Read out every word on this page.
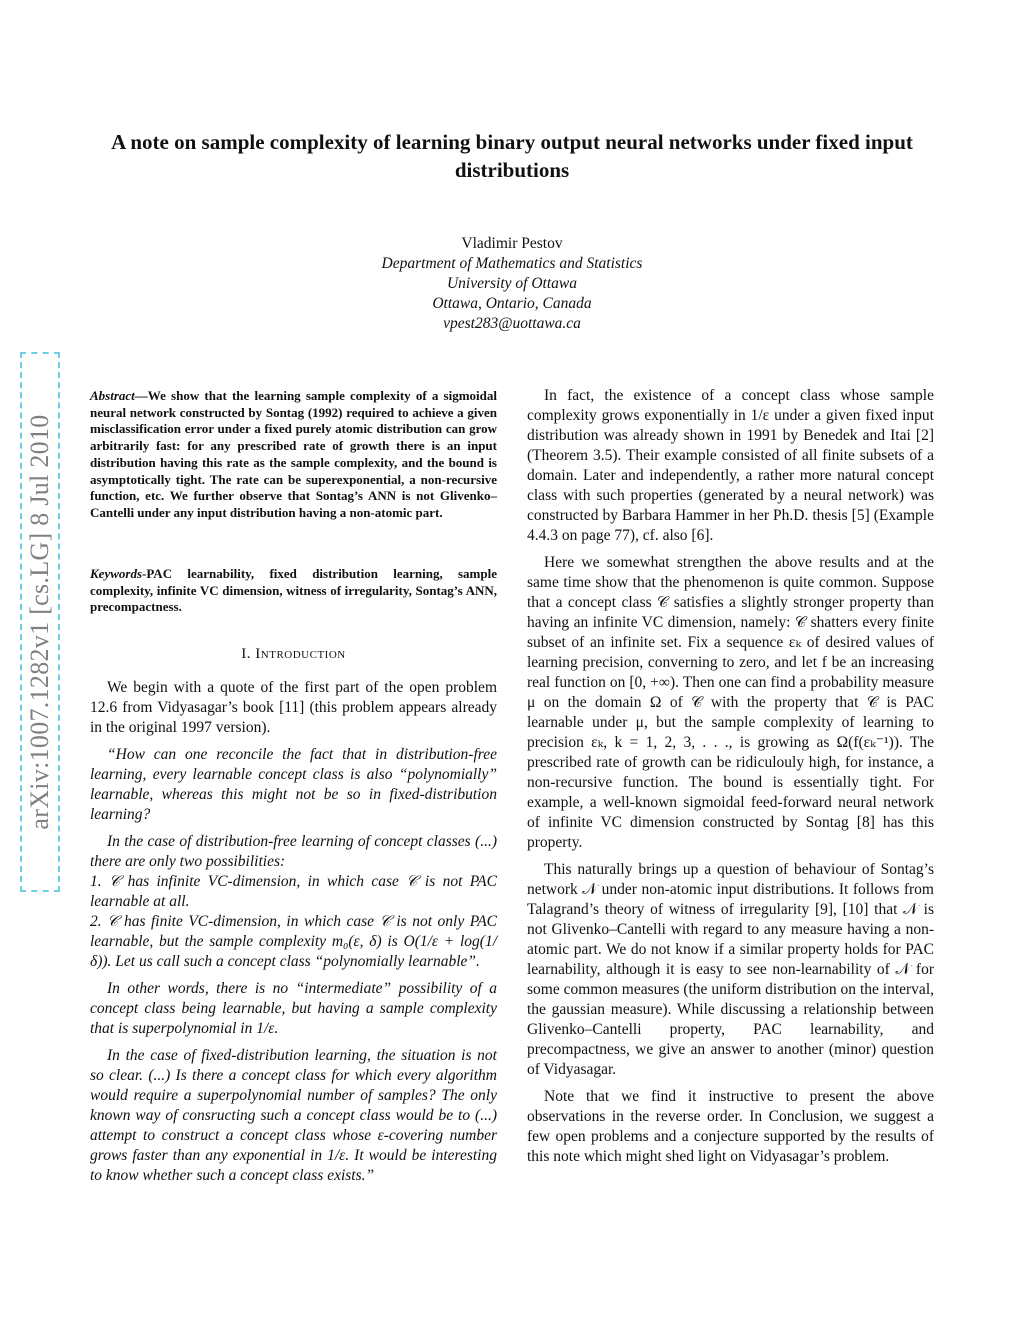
A note on sample complexity of learning binary output neural networks under fixed input distributions
Vladimir Pestov
Department of Mathematics and Statistics
University of Ottawa
Ottawa, Ontario, Canada
vpest283@uottawa.ca
arXiv:1007.1282v1 [cs.LG] 8 Jul 2010
Abstract—We show that the learning sample complexity of a sigmoidal neural network constructed by Sontag (1992) required to achieve a given misclassification error under a fixed purely atomic distribution can grow arbitrarily fast: for any prescribed rate of growth there is an input distribution having this rate as the sample complexity, and the bound is asymptotically tight. The rate can be superexponential, a non-recursive function, etc. We further observe that Sontag’s ANN is not Glivenko–Cantelli under any input distribution having a non-atomic part.
Keywords-PAC learnability, fixed distribution learning, sample complexity, infinite VC dimension, witness of irregularity, Sontag’s ANN, precompactness.
I. Introduction

We begin with a quote of the first part of the open problem 12.6 from Vidyasagar’s book [11] (this problem appears already in the original 1997 version).

“How can one reconcile the fact that in distribution-free learning, every learnable concept class is also “polynomially” learnable, whereas this might not be so in fixed-distribution learning?

In the case of distribution-free learning of concept classes (...) there are only two possibilities:

1. 𝒞 has infinite VC-dimension, in which case 𝒞 is not PAC learnable at all.

2. 𝒞 has finite VC-dimension, in which case 𝒞 is not only PAC learnable, but the sample complexity m₀(ε, δ) is O(1/ε + log(1/δ)). Let us call such a concept class “polynomially learnable”.

In other words, there is no “intermediate” possibility of a concept class being learnable, but having a sample complexity that is superpolynomial in 1/ε.

In the case of fixed-distribution learning, the situation is not so clear. (...) Is there a concept class for which every algorithm would require a superpolynomial number of samples? The only known way of consructing such a concept class would be to (...) attempt to construct a concept class whose ε-covering number grows faster than any exponential in 1/ε. It would be interesting to know whether such a concept class exists.”

In fact, the existence of a concept class whose sample complexity grows exponentially in 1/ε under a given fixed input distribution was already shown in 1991 by Benedek and Itai [2] (Theorem 3.5). Their example consisted of all finite subsets of a domain. Later and independently, a rather more natural concept class with such properties (generated by a neural network) was constructed by Barbara Hammer in her Ph.D. thesis [5] (Example 4.4.3 on page 77), cf. also [6].

Here we somewhat strengthen the above results and at the same time show that the phenomenon is quite common. Suppose that a concept class 𝒞 satisfies a slightly stronger property than having an infinite VC dimension, namely: 𝒞 shatters every finite subset of an infinite set. Fix a sequence εₖ of desired values of learning precision, converning to zero, and let f be an increasing real function on [0, +∞). Then one can find a probability measure μ on the domain Ω of 𝒞 with the property that 𝒞 is PAC learnable under μ, but the sample complexity of learning to precision εₖ, k = 1, 2, 3, . . ., is growing as Ω(f(εₖ⁻¹)). The prescribed rate of growth can be ridiculouly high, for instance, a non-recursive function. The bound is essentially tight. For example, a well-known sigmoidal feed-forward neural network of infinite VC dimension constructed by Sontag [8] has this property.

This naturally brings up a question of behaviour of Sontag’s network 𝒩 under non-atomic input distributions. It follows from Talagrand’s theory of witness of irregularity [9], [10] that 𝒩 is not Glivenko–Cantelli with regard to any measure having a non-atomic part. We do not know if a similar property holds for PAC learnability, although it is easy to see non-learnability of 𝒩 for some common measures (the uniform distribution on the interval, the gaussian measure). While discussing a relationship between Glivenko–Cantelli property, PAC learnability, and precompactness, we give an answer to another (minor) question of Vidyasagar.

Note that we find it instructive to present the above observations in the reverse order. In Conclusion, we suggest a few open problems and a conjecture supported by the results of this note which might shed light on Vidyasagar’s problem.
